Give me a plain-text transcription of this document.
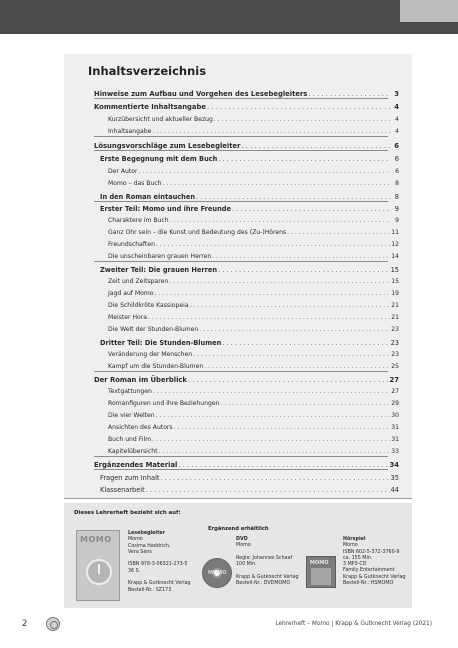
Inhaltsverzeichnis
Hinweise zum Aufbau und Vorgehen des Lesebegleiters . . .	3
Kommentierte Inhaltsangabe . . .	4
Kurzübersicht und aktueller Bezug . . .	4
Inhaltsangabe . . .	4
Lösungsvorschläge zum Lesebegleiter . . .	6
Erste Begegnung mit dem Buch . . .	6
Der Autor . . .	6
Momo – das Buch . . .	8
In den Roman eintauchen . . .	8
Erster Teil: Momo und ihre Freunde . . .	9
Charaktere im Buch . . .	9
Ganz Ohr sein – die Kunst und Bedeutung des (Zu-)Hörens . . .	11
Freundschaften . . .	12
Die unscheinbaren grauen Herren . . .	14
Zweiter Teil: Die grauen Herren . . .	15
Zeit und Zeitsparen . . .	15
Jagd auf Momo . . .	19
Die Schildkröte Kassiopeia . . .	21
Meister Hora . . .	21
Die Welt der Stunden-Blumen . . .	23
Dritter Teil: Die Stunden-Blumen . . .	23
Veränderung der Menschen . . .	23
Kampf um die Stunden-Blumen . . .	25
Der Roman im Überblick . . .	27
Textgattungen . . .	27
Romanfiguren und ihre Beziehungen . . .	29
Die vier Welten . . .	30
Ansichten des Autors . . .	31
Buch und Film . . .	31
Kapitelübersicht . . .	33
Ergänzendes Material . . .	34
Fragen zum Inhalt . . .	35
Klassenarbeit . . .	44
Dieses Lehrerheft bezieht sich auf:
Ergänzend erhältlich
MOMO
Lesebegleiter
Momo
Cosima Haddrich,
Vera Sens

ISBN 978-3-06321-273-5
36 S.

Krapp & Gutknecht Verlag
Bestell-Nr.: SZ173
DVD
Momo

Regie: Johannes Schaaf
100 Min.

Krapp & Gutknecht Verlag
Bestell-Nr.: DVDMOMO
MOMO
Hörspiel
Momo
ISBN 602-5-372-3760-9
ca. 155 Min.
3 MP3-CD
Family Entertainment
Krapp & Gutknecht Verlag
Bestell-Nr.: HSMOMO
MOMO
2	Lehrerheft – Momo | Krapp & Gutknecht Verlag (2021)
